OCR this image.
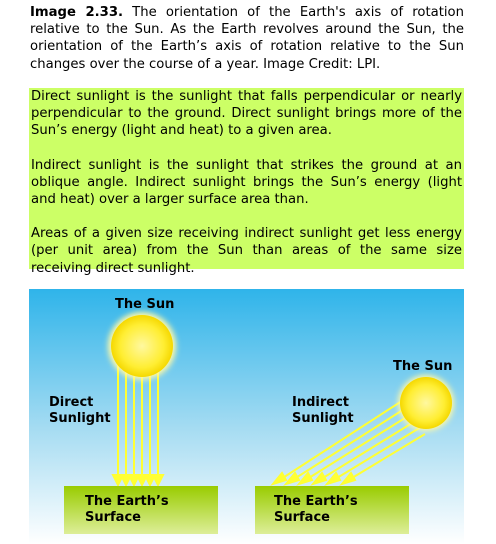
Image 2.33. The orientation of the Earth's axis of rotation relative to the Sun. As the Earth revolves around the Sun, the orientation of the Earth’s axis of rotation relative to the Sun changes over the course of a year. Image Credit: LPI.

Direct sunlight is the sunlight that falls perpendicular or nearly perpendicular to the ground. Direct sunlight brings more of the Sun’s energy (light and heat) to a given area.

Indirect sunlight is the sunlight that strikes the ground at an oblique angle. Indirect sunlight brings the Sun’s energy (light and heat) over a larger surface area than.

Areas of a given size receiving indirect sunlight get less energy (per unit area) from the Sun than areas of the same size receiving direct sunlight.

The Sun
Direct
Sunlight
The Earth’s
Surface
The Sun
Indirect
Sunlight
The Earth’s
Surface
